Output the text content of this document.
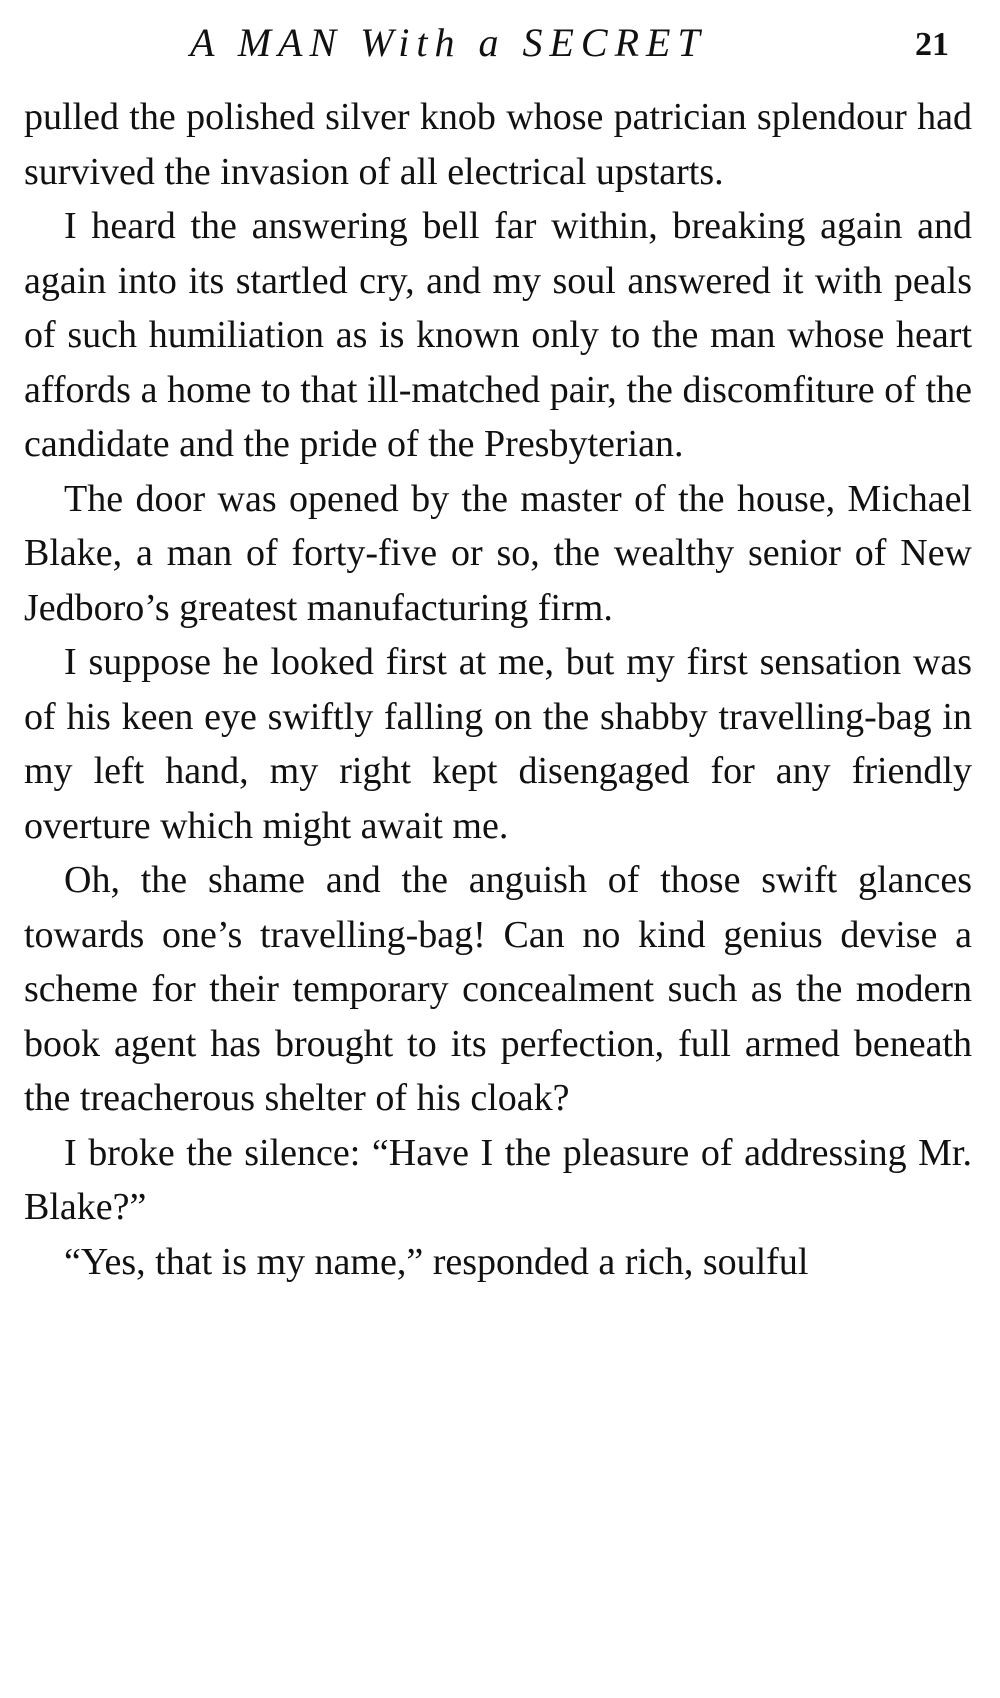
A MAN With a SECRET	21

pulled the polished silver knob whose patrician splendour had survived the invasion of all electrical upstarts.

I heard the answering bell far within, breaking again and again into its startled cry, and my soul answered it with peals of such humiliation as is known only to the man whose heart affords a home to that ill-matched pair, the discomfiture of the candidate and the pride of the Presbyterian.

The door was opened by the master of the house, Michael Blake, a man of forty-five or so, the wealthy senior of New Jedboro’s greatest manufacturing firm.

I suppose he looked first at me, but my first sensation was of his keen eye swiftly falling on the shabby travelling-bag in my left hand, my right kept disengaged for any friendly overture which might await me.

Oh, the shame and the anguish of those swift glances towards one’s travelling-bag! Can no kind genius devise a scheme for their temporary concealment such as the modern book agent has brought to its perfection, full armed beneath the treacherous shelter of his cloak?

I broke the silence: “Have I the pleasure of addressing Mr. Blake?”

“Yes, that is my name,” responded a rich, soulful
